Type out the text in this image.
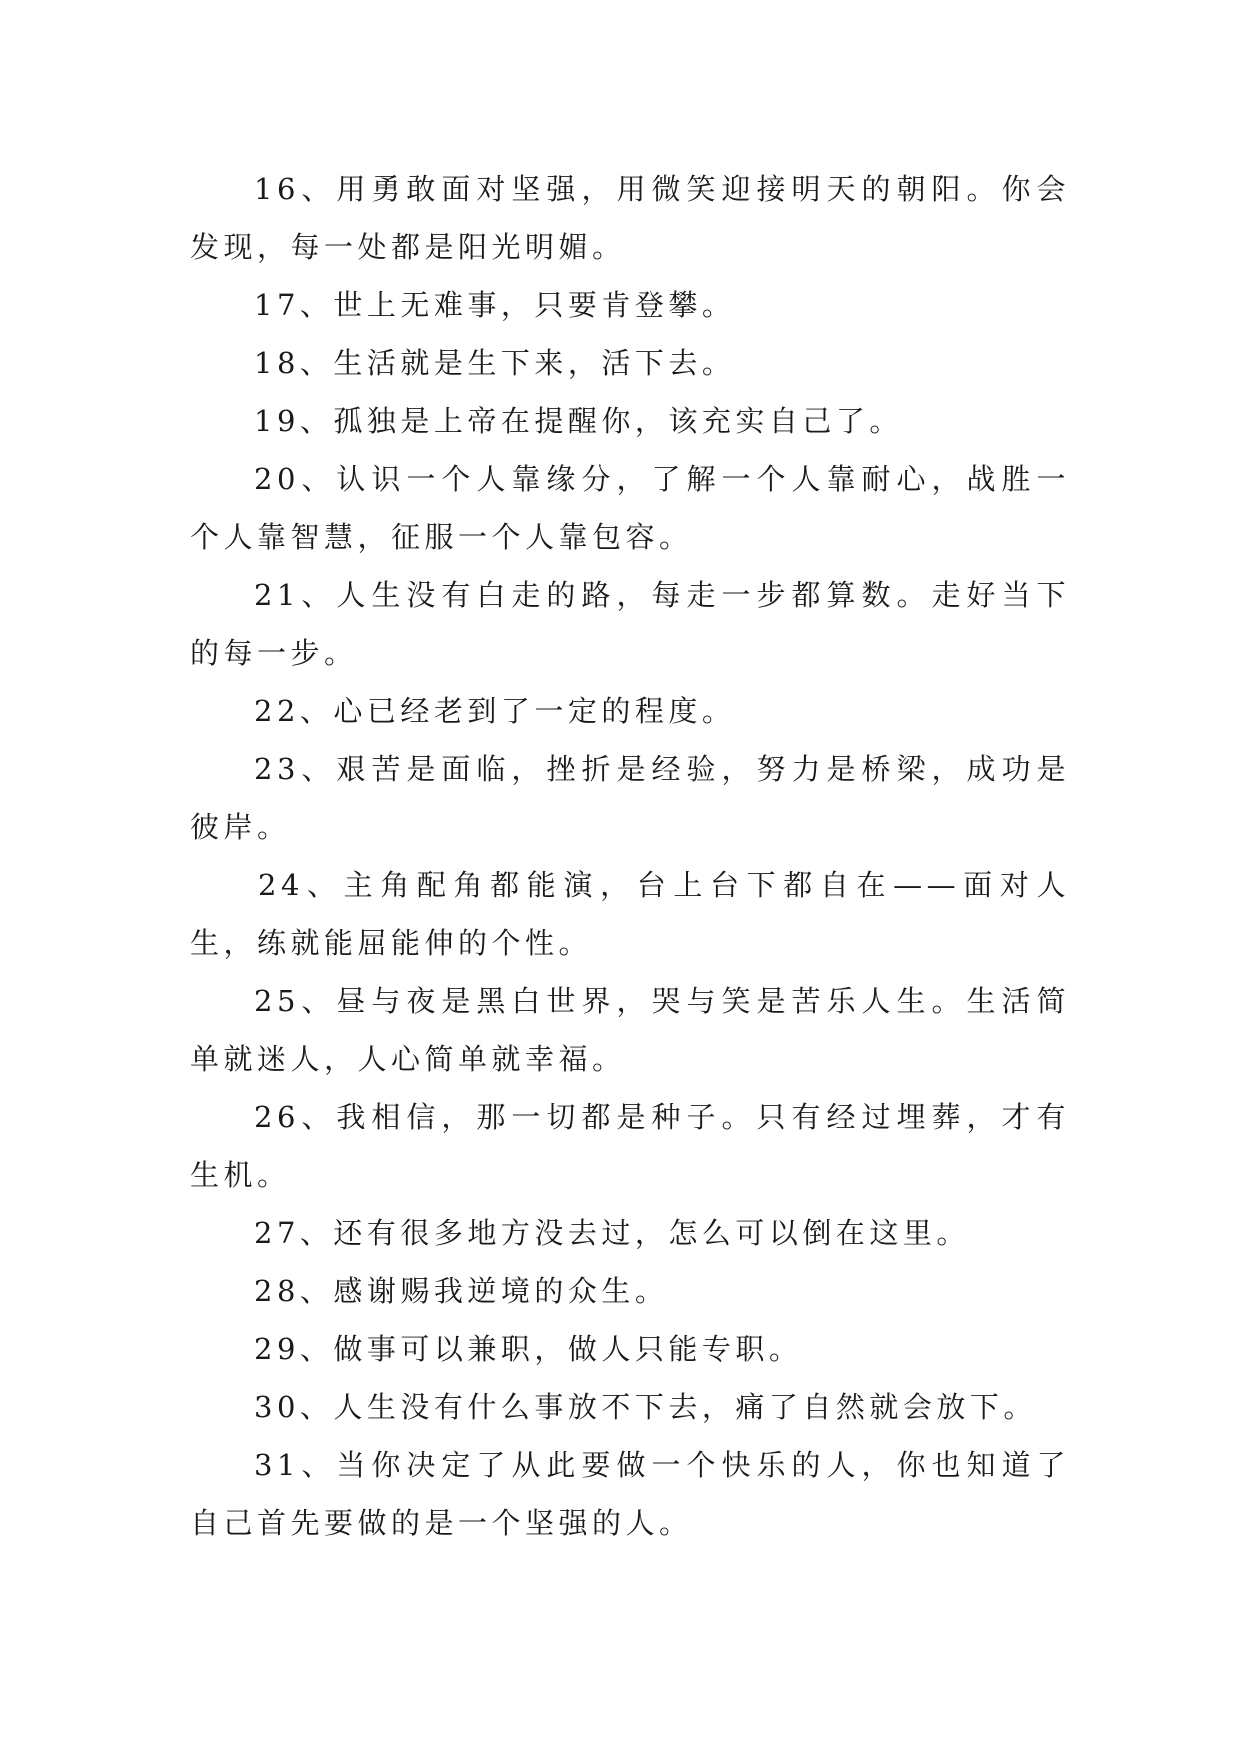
16、用勇敢面对坚强，用微笑迎接明天的朝阳。你会发现，每一处都是阳光明媚。

17、世上无难事，只要肯登攀。

18、生活就是生下来，活下去。

19、孤独是上帝在提醒你，该充实自己了。

20、认识一个人靠缘分，了解一个人靠耐心，战胜一个人靠智慧，征服一个人靠包容。

21、人生没有白走的路，每走一步都算数。走好当下的每一步。

22、心已经老到了一定的程度。

23、艰苦是面临，挫折是经验，努力是桥梁，成功是彼岸。

24、主角配角都能演，台上台下都自在——面对人生，练就能屈能伸的个性。

25、昼与夜是黑白世界，哭与笑是苦乐人生。生活简单就迷人，人心简单就幸福。

26、我相信，那一切都是种子。只有经过埋葬，才有生机。

27、还有很多地方没去过，怎么可以倒在这里。

28、感谢赐我逆境的众生。

29、做事可以兼职，做人只能专职。

30、人生没有什么事放不下去，痛了自然就会放下。

31、当你决定了从此要做一个快乐的人，你也知道了自己首先要做的是一个坚强的人。
